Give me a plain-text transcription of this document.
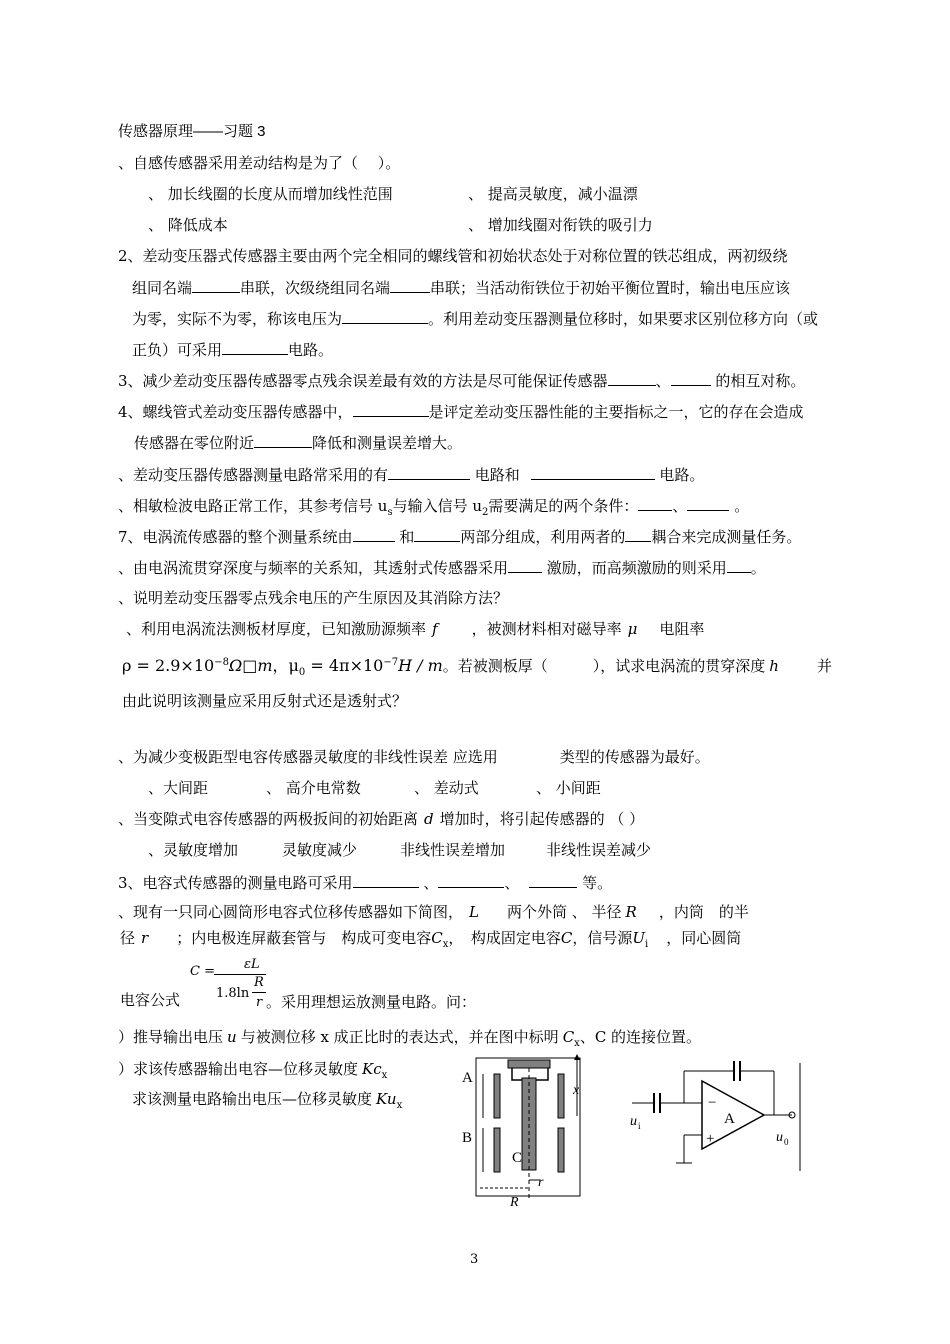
传感器原理——习题 3
、自感传感器采用差动结构是为了（　 ）。
、 加长线圈的长度从而增加线性范围	、 提高灵敏度，减小温漂
、 降低成本	、 增加线圈对衔铁的吸引力
2、差动变压器式传感器主要由两个完全相同的螺线管和初始状态处于对称位置的铁芯组成，两初级绕
组同名端	串联，次级绕组同名端	串联；当活动衔铁位于初始平衡位置时，输出电压应该
为零，实际不为零，称该电压为	。利用差动变压器测量位移时，如果要求区别位移方向（或
正负）可采用	电路。
3、减少差动变压器传感器零点残余误差最有效的方法是尽可能保证传感器	、	的相互对称。
4、螺线管式差动变压器传感器中，	是评定差动变压器性能的主要指标之一，它的存在会造成
传感器在零位附近	降低和测量误差增大。
、差动变压器传感器测量电路常采用的有	电路和	电路。
、相敏检波电路正常工作，其参考信号 $u_s$与输入信号 $u_2$需要满足的两个条件： 、	。
7、电涡流传感器的整个测量系统由	和	两部分组成，利用两者的 耦合来完成测量任务。
、由电涡流贯穿深度与频率的关系知，其透射式传感器采用 激励，而高频激励的则采用 。
、说明差动变压器零点残余电压的产生原因及其消除方法？
、利用电涡流法测板材厚度，已知激励源频率 f ，被测材料相对磁导率 μ 电阻率
$\rho = 2.9\times 10^{-8}\Omega□m$，$\mu_0 = 4\pi\times 10^{-7}H / m$。若被测板厚（　　　），试求电涡流的贯穿深度 h	并
由此说明该测量应采用反射式还是透射式？
、为减少变极距型电容传感器灵敏度的非线性误差 应选用	类型的传感器为最好。
、大间距	、 高介电常数	、 差动式	、 小间距
、当变隙式电容传感器的两极扳间的初始距离 d 增加时，将引起传感器的 （ ）
、灵敏度增加	灵敏度减少	非线性误差增加	非线性误差减少
3、电容式传感器的测量电路可采用	、	、	等。
、现有一只同心圆筒形电容式位移传感器如下简图， L 两个外筒 、 半径 R ，内筒　的半
径 r ；内电极连屏蔽套管与　构成可变电容$C_x$，　构成固定电容C，信号源$U_i$ ，同心圆筒
C = εL
1.8ln
R
r
电容公式	。采用理想运放测量电路。问：
）推导输出电压 u 与被测位移 x 成正比时的表达式，并在图中标明 $C_x$、C 的连接位置。
）求该传感器输出电容—位移灵敏度 $Kc_x$
求该测量电路输出电压—位移灵敏度 $Ku_x$
A
B
C
x
r
R
−
+
A
u i
u 0
3
